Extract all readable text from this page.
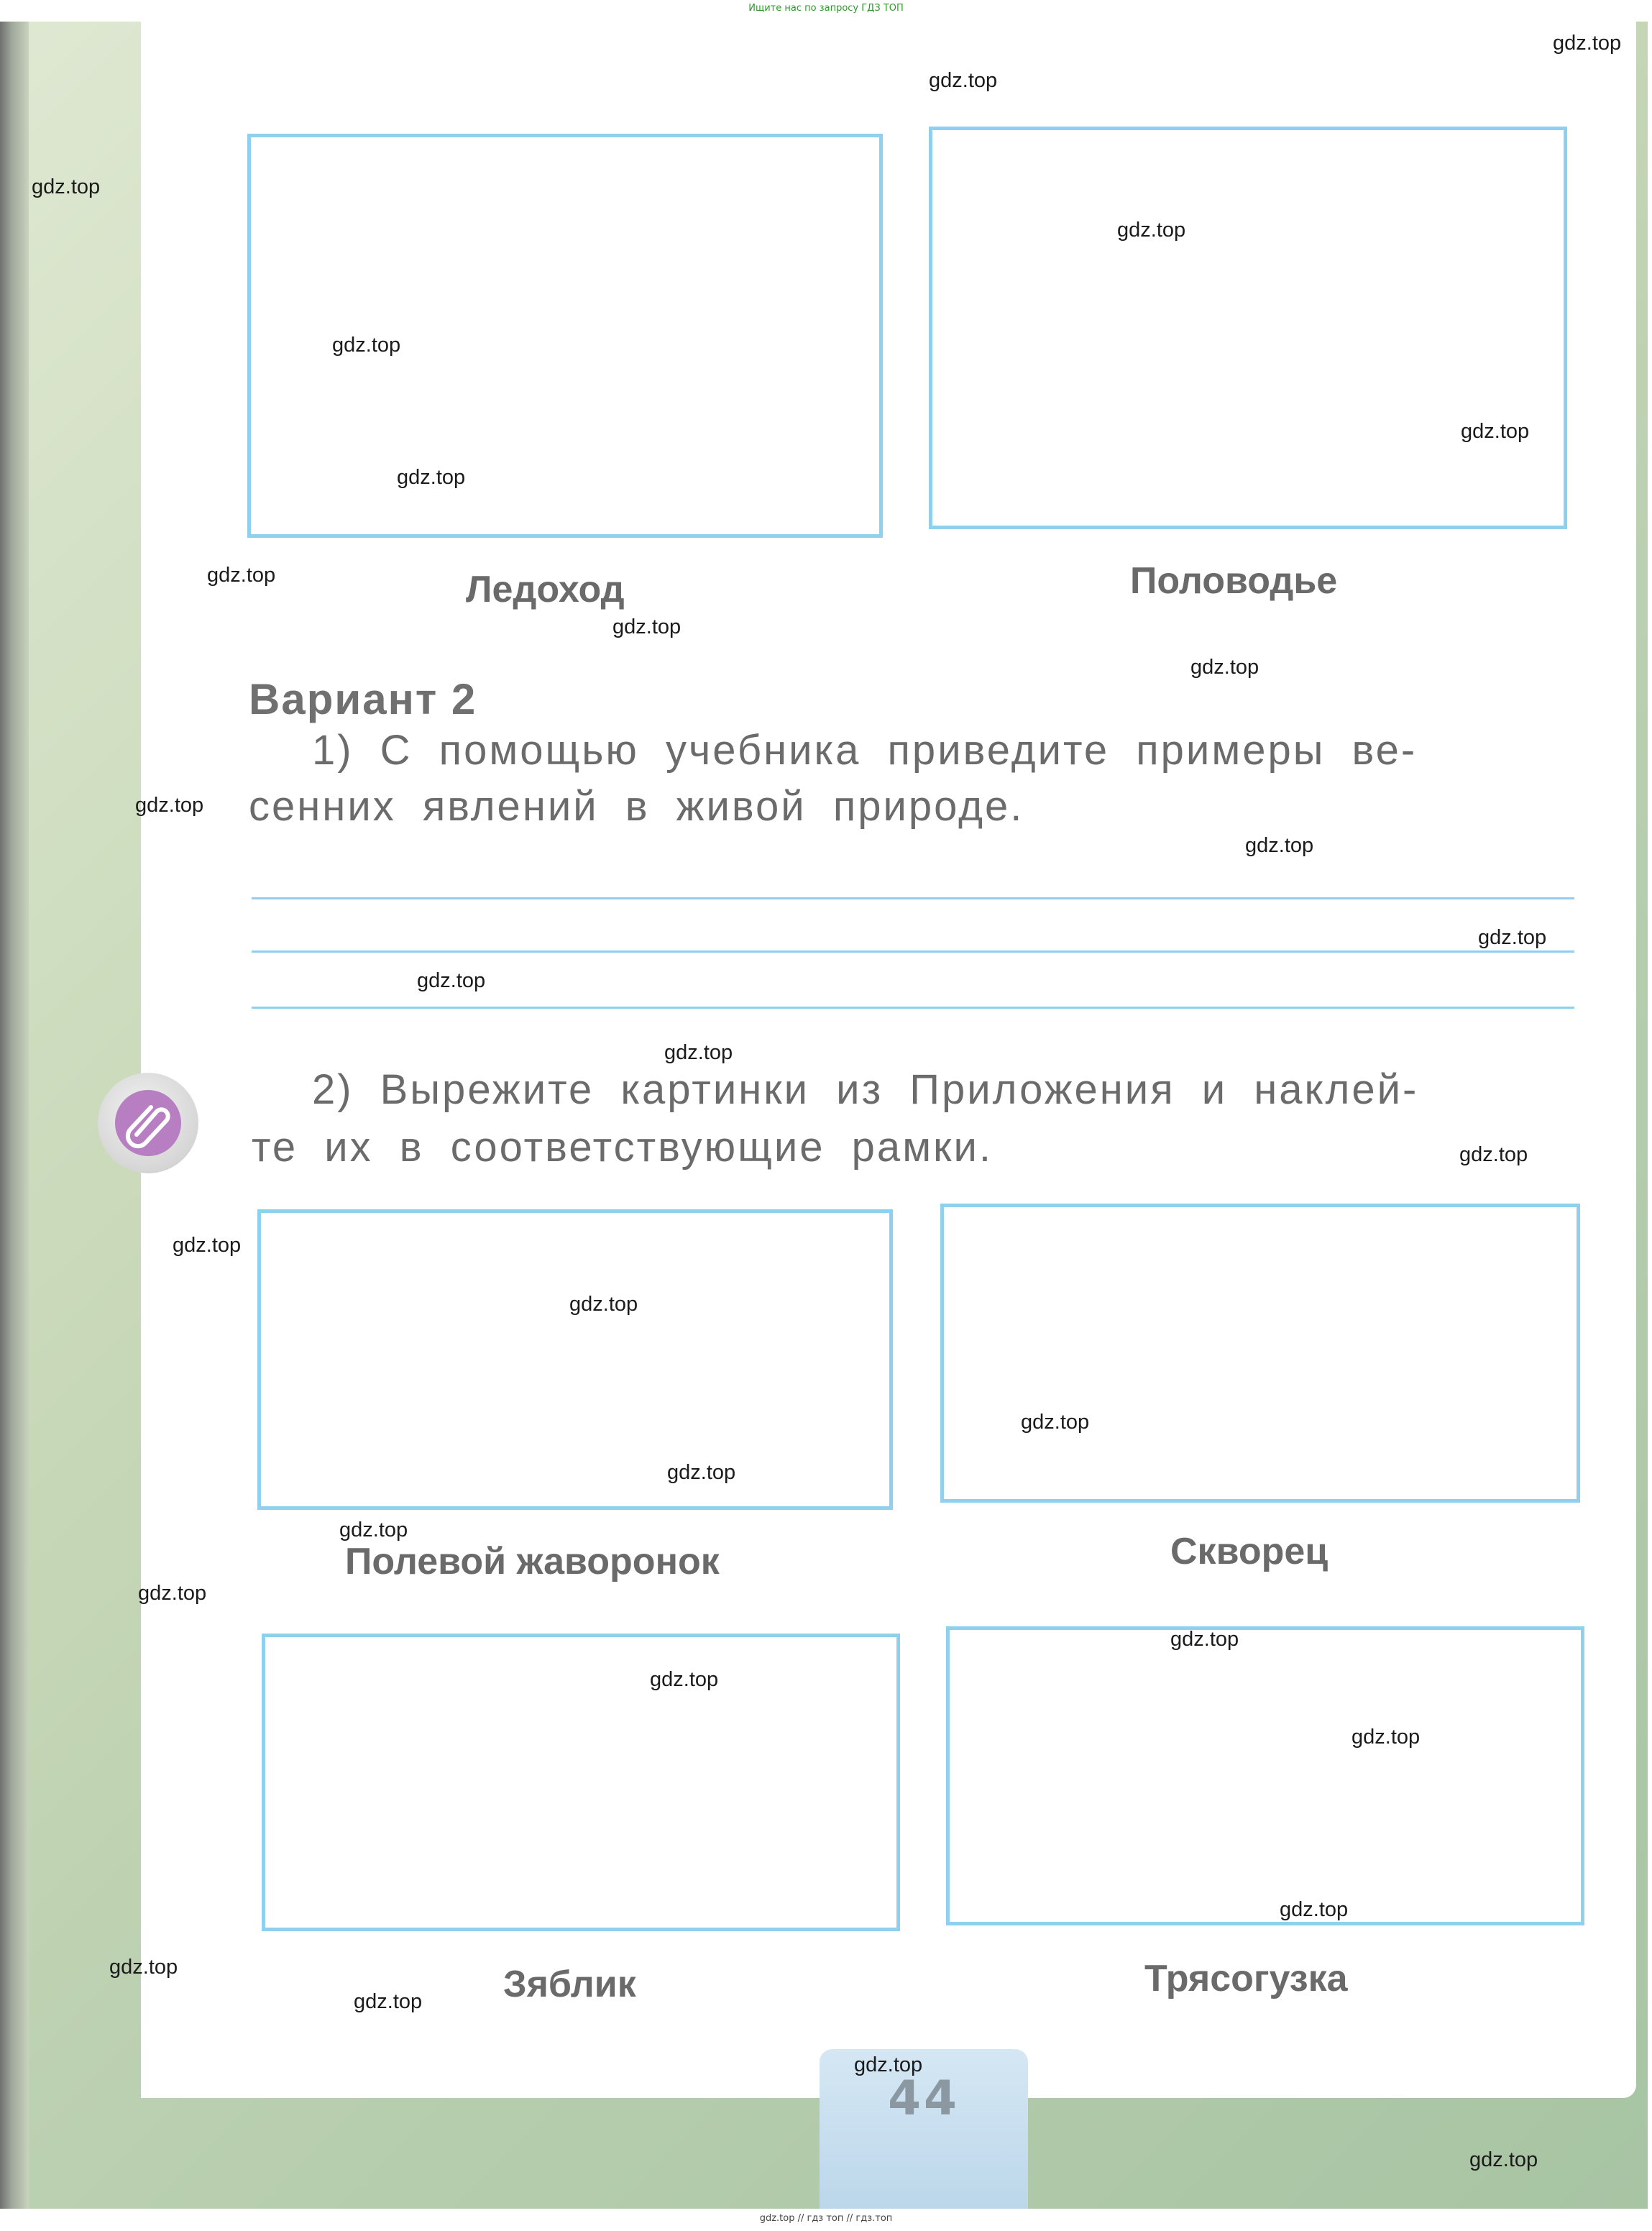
Ищите нас по запросу ГДЗ ТОП
Ледоход	Половодье
Вариант 2
1) С помощью учебника приведите примеры ве-
сенних явлений в живой природе.
2) Вырежите картинки из Приложения и наклей-
те их в соответствующие рамки.
Полевой жаворонок	Скворец
Зяблик	Трясогузка
44
gdz.top
gdz.top
gdz.top
gdz.top
gdz.top
gdz.top
gdz.top
gdz.top
gdz.top
gdz.top
gdz.top
gdz.top
gdz.top
gdz.top
gdz.top
gdz.top
gdz.top
gdz.top
gdz.top
gdz.top
gdz.top
gdz.top
gdz.top
gdz.top
gdz.top
gdz.top
gdz.top
gdz.top
gdz.top
gdz.top
gdz.top // гдз топ // гдз.топ
